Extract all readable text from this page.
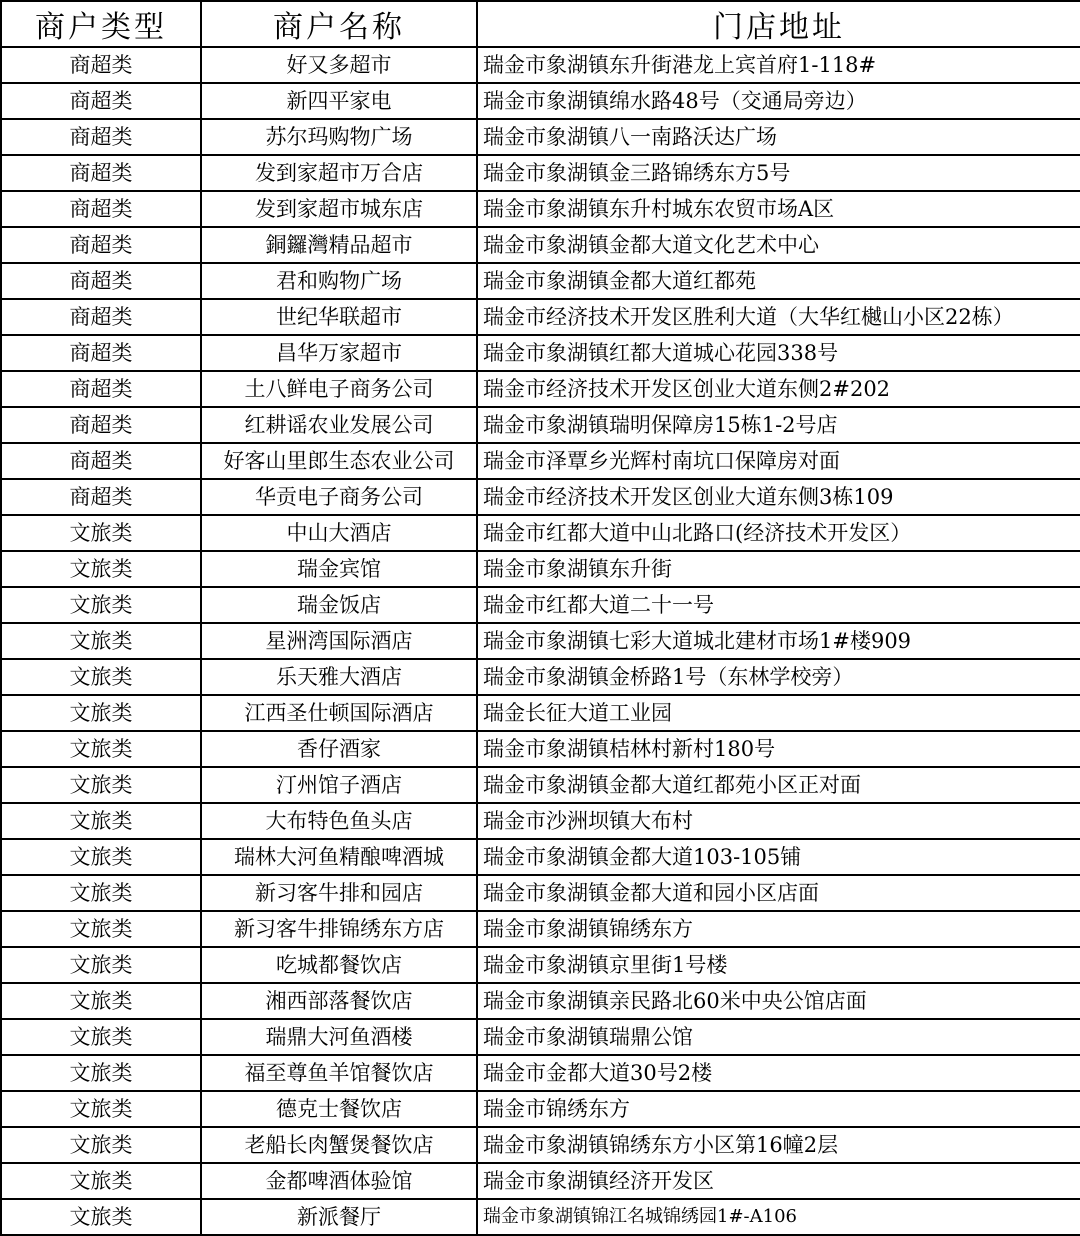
商户类型	商户名称	门店地址
商超类	好又多超市	瑞金市象湖镇东升街港龙上宾首府1-118#
商超类	新四平家电	瑞金市象湖镇绵水路48号（交通局旁边）
商超类	苏尔玛购物广场	瑞金市象湖镇八一南路沃达广场
商超类	发到家超市万合店	瑞金市象湖镇金三路锦绣东方5号
商超类	发到家超市城东店	瑞金市象湖镇东升村城东农贸市场A区
商超类	銅鑼灣精品超市	瑞金市象湖镇金都大道文化艺术中心
商超类	君和购物广场	瑞金市象湖镇金都大道红都苑
商超类	世纪华联超市	瑞金市经济技术开发区胜利大道（大华红樾山小区22栋）
商超类	昌华万家超市	瑞金市象湖镇红都大道城心花园338号
商超类	土八鲜电子商务公司	瑞金市经济技术开发区创业大道东侧2#202
商超类	红耕谣农业发展公司	瑞金市象湖镇瑞明保障房15栋1-2号店
商超类	好客山里郎生态农业公司	瑞金市泽覃乡光辉村南坑口保障房对面
商超类	华贡电子商务公司	瑞金市经济技术开发区创业大道东侧3栋109
文旅类	中山大酒店	瑞金市红都大道中山北路口(经济技术开发区）
文旅类	瑞金宾馆	瑞金市象湖镇东升街
文旅类	瑞金饭店	瑞金市红都大道二十一号
文旅类	星洲湾国际酒店	瑞金市象湖镇七彩大道城北建材市场1#楼909
文旅类	乐天雅大酒店	瑞金市象湖镇金桥路1号（东林学校旁）
文旅类	江西圣仕顿国际酒店	瑞金长征大道工业园
文旅类	香仔酒家	瑞金市象湖镇桔林村新村180号
文旅类	汀州馆子酒店	瑞金市象湖镇金都大道红都苑小区正对面
文旅类	大布特色鱼头店	瑞金市沙洲坝镇大布村
文旅类	瑞林大河鱼精酿啤酒城	瑞金市象湖镇金都大道103-105铺
文旅类	新习客牛排和园店	瑞金市象湖镇金都大道和园小区店面
文旅类	新习客牛排锦绣东方店	瑞金市象湖镇锦绣东方
文旅类	吃城都餐饮店	瑞金市象湖镇京里街1号楼
文旅类	湘西部落餐饮店	瑞金市象湖镇亲民路北60米中央公馆店面
文旅类	瑞鼎大河鱼酒楼	瑞金市象湖镇瑞鼎公馆
文旅类	福至尊鱼羊馆餐饮店	瑞金市金都大道30号2楼
文旅类	德克士餐饮店	瑞金市锦绣东方
文旅类	老船长肉蟹煲餐饮店	瑞金市象湖镇锦绣东方小区第16幢2层
文旅类	金都啤酒体验馆	瑞金市象湖镇经济开发区
文旅类	新派餐厅	瑞金市象湖镇锦江名城锦绣园1#-A106
